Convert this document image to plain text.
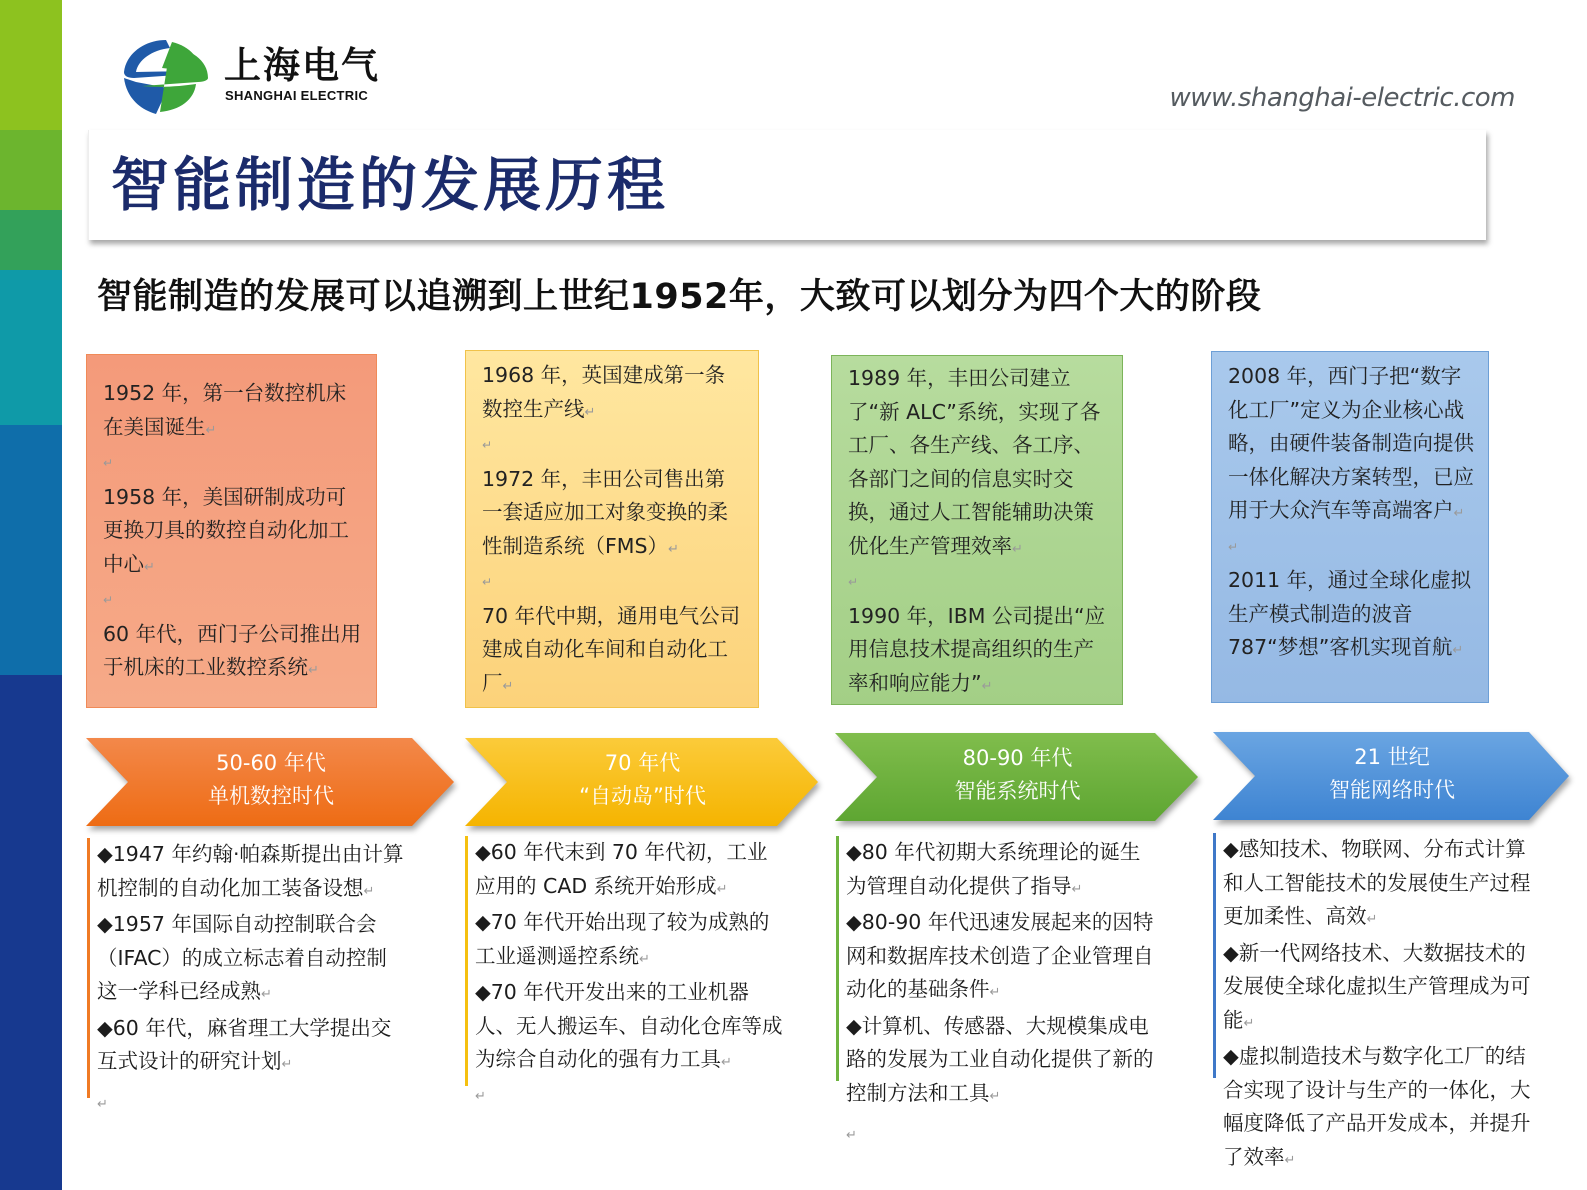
上海电气
SHANGHAI ELECTRIC	www.shanghai-electric.com
智能制造的发展历程
智能制造的发展可以追溯到上世纪1952年，大致可以划分为四个大的阶段

1952 年，第一台数控机床在美国诞生↵

↵

1958 年，美国研制成功可更换刀具的数控自动化加工中心↵

↵

60 年代，西门子公司推出用于机床的工业数控系统↵

1968 年，英国建成第一条数控生产线↵

↵

1972 年，丰田公司售出第一套适应加工对象变换的柔性制造系统（FMS）↵

↵

70 年代中期，通用电气公司建成自动化车间和自动化工厂↵

1989 年，丰田公司建立了“新 ALC”系统，实现了各工厂、各生产线、各工序、各部门之间的信息实时交换，通过人工智能辅助决策优化生产管理效率↵

↵

1990 年，IBM 公司提出“应用信息技术提高组织的生产率和响应能力”↵

2008 年，西门子把“数字化工厂”定义为企业核心战略，由硬件装备制造向提供一体化解决方案转型，已应用于大众汽车等高端客户↵

↵

2011 年，通过全球化虚拟生产模式制造的波音 787“梦想”客机实现首航↵

50-60 年代
单机数控时代
70 年代
“自动岛”时代
80-90 年代
智能系统时代
21 世纪
智能网络时代

◆1947 年约翰·帕森斯提出由计算机控制的自动化加工装备设想↵

◆1957 年国际自动控制联合会（IFAC）的成立标志着自动控制这一学科已经成熟↵

◆60 年代，麻省理工大学提出交互式设计的研究计划↵

↵

◆60 年代末到 70 年代初，工业应用的 CAD 系统开始形成↵

◆70 年代开始出现了较为成熟的工业遥测遥控系统↵

◆70 年代开发出来的工业机器人、无人搬运车、自动化仓库等成为综合自动化的强有力工具↵

↵

◆80 年代初期大系统理论的诞生为管理自动化提供了指导↵

◆80-90 年代迅速发展起来的因特网和数据库技术创造了企业管理自动化的基础条件↵

◆计算机、传感器、大规模集成电路的发展为工业自动化提供了新的控制方法和工具↵

↵

◆感知技术、物联网、分布式计算和人工智能技术的发展使生产过程更加柔性、高效↵

◆新一代网络技术、大数据技术的发展使全球化虚拟生产管理成为可能↵

◆虚拟制造技术与数字化工厂的结合实现了设计与生产的一体化，大幅度降低了产品开发成本，并提升了效率↵
